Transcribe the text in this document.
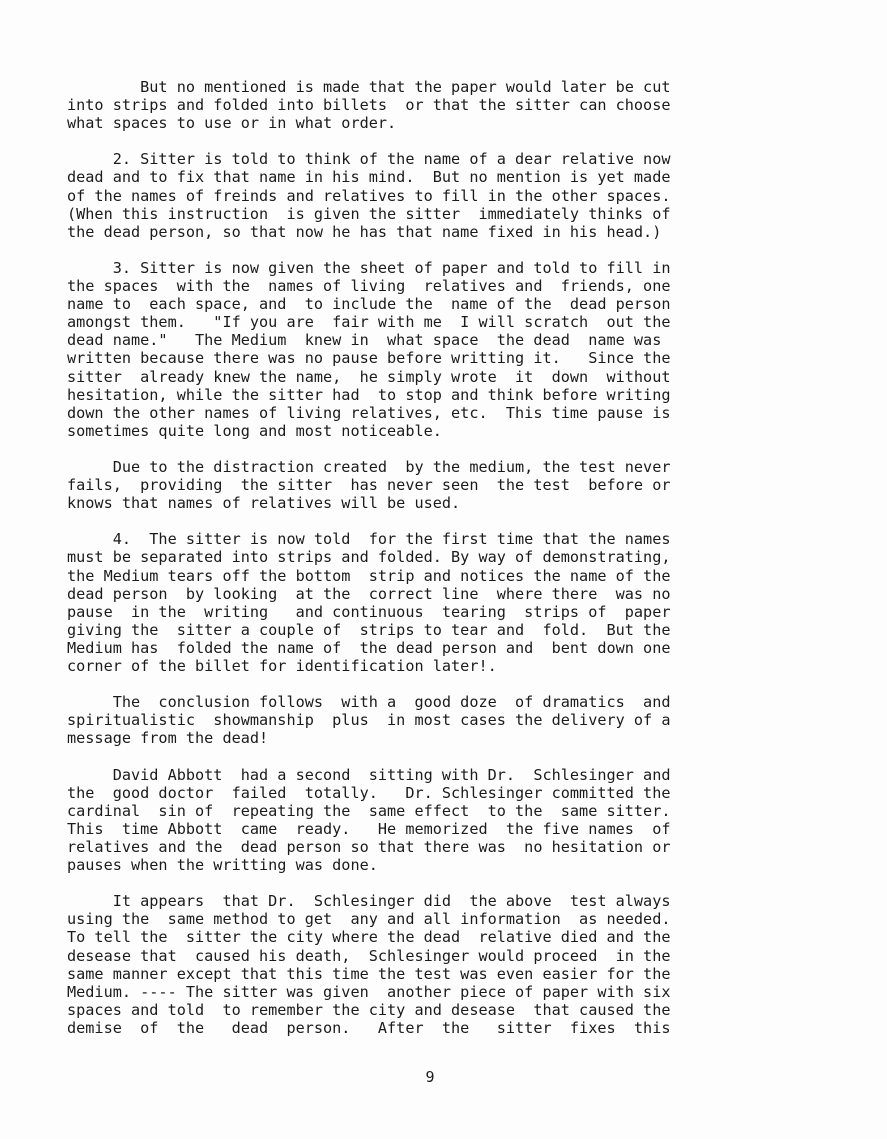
But no mentioned is made that the paper would later be cut
into strips and folded into billets  or that the sitter can choose
what spaces to use or in what order.
2. Sitter is told to think of the name of a dear relative now
dead and to fix that name in his mind.  But no mention is yet made
of the names of freinds and relatives to fill in the other spaces.
(When this instruction  is given the sitter  immediately thinks of
the dead person, so that now he has that name fixed in his head.)
3. Sitter is now given the sheet of paper and told to fill in
the spaces  with the  names of living  relatives and  friends, one
name to  each space, and  to include the  name of the  dead person
amongst them.   "If you are  fair with me  I will scratch  out the
dead name."   The Medium  knew in  what space  the dead  name was
written because there was no pause before writting it.   Since the
sitter  already knew the name,  he simply wrote  it  down  without
hesitation, while the sitter had  to stop and think before writing
down the other names of living relatives, etc.  This time pause is
sometimes quite long and most noticeable.
Due to the distraction created  by the medium, the test never
fails,  providing  the sitter  has never seen  the test  before or
knows that names of relatives will be used.
4.  The sitter is now told  for the first time that the names
must be separated into strips and folded. By way of demonstrating,
the Medium tears off the bottom  strip and notices the name of the
dead person  by looking  at the  correct line  where there  was no
pause  in the  writing   and continuous  tearing  strips of  paper
giving the  sitter a couple of  strips to tear and  fold.  But the
Medium has  folded the name of  the dead person and  bent down one
corner of the billet for identification later!.
The  conclusion follows  with a  good doze  of dramatics  and
spiritualistic  showmanship  plus  in most cases the delivery of a
message from the dead!
David Abbott  had a second  sitting with Dr.  Schlesinger and
the  good doctor  failed  totally.   Dr. Schlesinger committed the
cardinal  sin of  repeating the  same effect  to the  same sitter.
This  time Abbott  came  ready.   He memorized  the five names  of
relatives and the  dead person so that there was  no hesitation or
pauses when the writting was done.
It appears  that Dr.  Schlesinger did  the above  test always
using the  same method to get  any and all information  as needed.
To tell the  sitter the city where the dead  relative died and the
desease that  caused his death,  Schlesinger would proceed  in the
same manner except that this time the test was even easier for the
Medium. ---- The sitter was given  another piece of paper with six
spaces and told  to remember the city and desease  that caused the
demise  of  the   dead  person.   After  the   sitter  fixes  this
9
